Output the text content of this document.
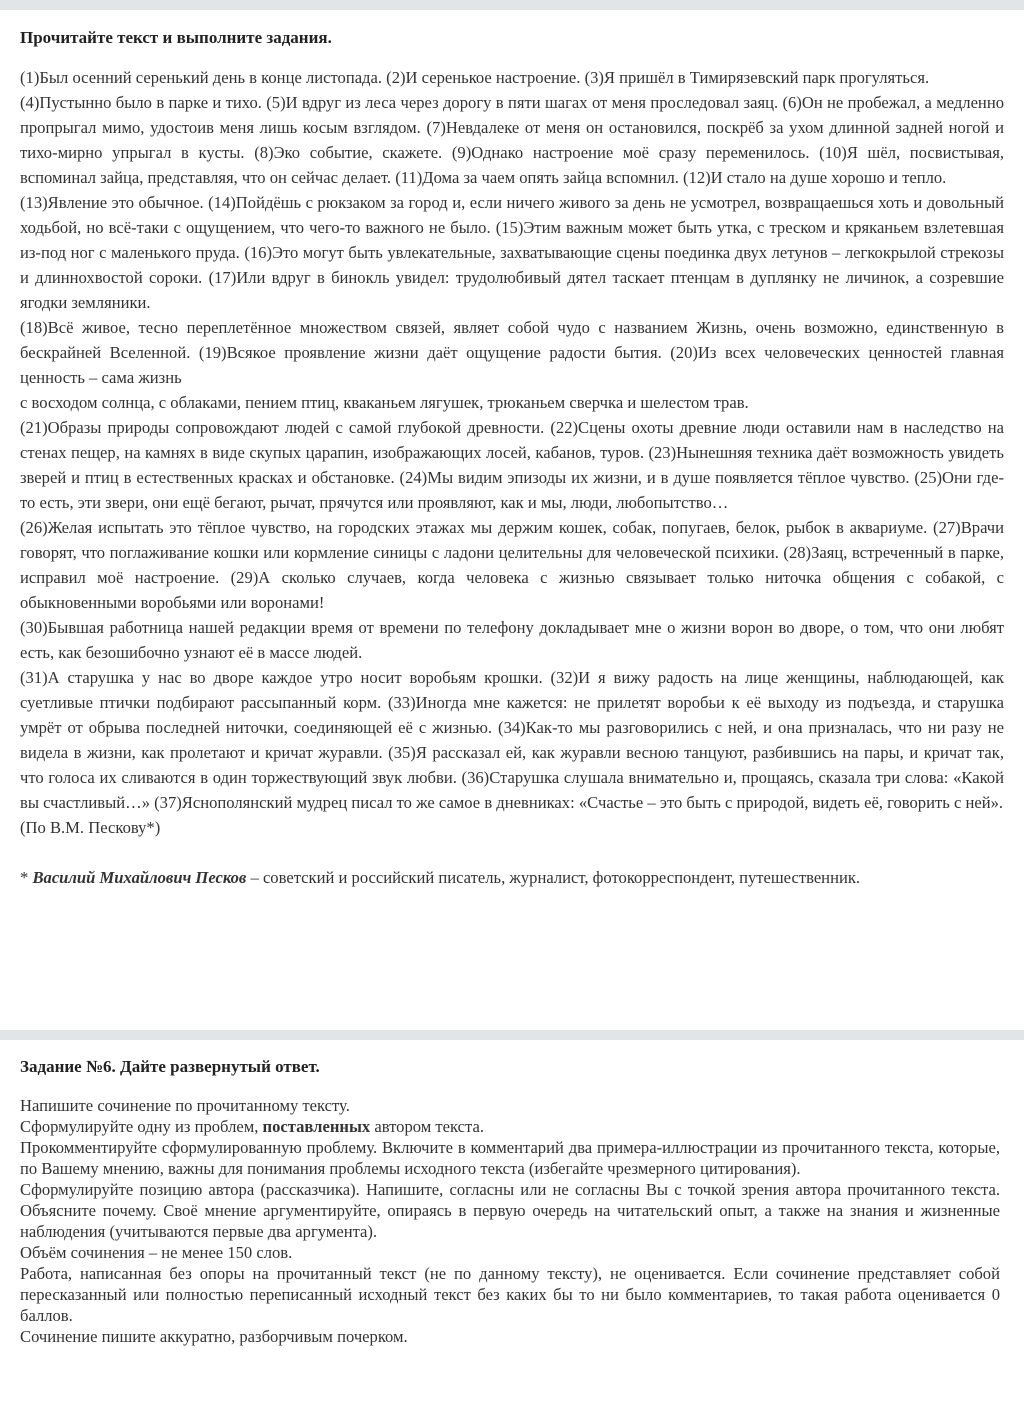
Прочитайте текст и выполните задания.

(1)Был осенний серенький день в конце листопада. (2)И серенькое настроение. (3)Я пришёл в Тимирязевский парк прогуляться.

(4)Пустынно было в парке и тихо. (5)И вдруг из леса через дорогу в пяти шагах от меня проследовал заяц. (6)Он не пробежал, а медленно пропрыгал мимо, удостоив меня лишь косым взглядом. (7)Невдалеке от меня он остановился, поскрёб за ухом длинной задней ногой и тихо-мирно упрыгал в кусты. (8)Эко событие, скажете. (9)Однако настроение моё сразу переменилось. (10)Я шёл, посвистывая, вспоминал зайца, представляя, что он сейчас делает. (11)Дома за чаем опять зайца вспомнил. (12)И стало на душе хорошо и тепло.

(13)Явление это обычное. (14)Пойдёшь с рюкзаком за город и, если ничего живого за день не усмотрел, возвращаешься хоть и довольный ходьбой, но всё-таки с ощущением, что чего-то важного не было. (15)Этим важным может быть утка, с треском и кряканьем взлетевшая из-под ног с маленького пруда. (16)Это могут быть увлекательные, захватывающие сцены поединка двух летунов – легкокрылой стрекозы и длиннохвостой сороки. (17)Или вдруг в бинокль увидел: трудолюбивый дятел таскает птенцам в дуплянку не личинок, а созревшие ягодки земляники.

(18)Всё живое, тесно переплетённое множеством связей, являет собой чудо с названием Жизнь, очень возможно, единственную в бескрайней Вселенной. (19)Всякое проявление жизни даёт ощущение радости бытия. (20)Из всех человеческих ценностей главная ценность – сама жизнь

с восходом солнца, с облаками, пением птиц, кваканьем лягушек, трюканьем сверчка и шелестом трав.

(21)Образы природы сопровождают людей с самой глубокой древности. (22)Сцены охоты древние люди оставили нам в наследство на стенах пещер, на камнях в виде скупых царапин, изображающих лосей, кабанов, туров. (23)Нынешняя техника даёт возможность увидеть зверей и птиц в естественных красках и обстановке. (24)Мы видим эпизоды их жизни, и в душе появляется тёплое чувство. (25)Они где-то есть, эти звери, они ещё бегают, рычат, прячутся или проявляют, как и мы, люди, любопытство…

(26)Желая испытать это тёплое чувство, на городских этажах мы держим кошек, собак, попугаев, белок, рыбок в аквариуме. (27)Врачи говорят, что поглаживание кошки или кормление синицы с ладони целительны для человеческой психики. (28)Заяц, встреченный в парке, исправил моё настроение. (29)А сколько случаев, когда человека с жизнью связывает только ниточка общения с собакой, с обыкновенными воробьями или воронами!

(30)Бывшая работница нашей редакции время от времени по телефону докладывает мне о жизни ворон во дворе, о том, что они любят есть, как безошибочно узнают её в массе людей.

(31)А старушка у нас во дворе каждое утро носит воробьям крошки. (32)И я вижу радость на лице женщины, наблюдающей, как суетливые птички подбирают рассыпанный корм. (33)Иногда мне кажется: не прилетят воробьи к её выходу из подъезда, и старушка умрёт от обрыва последней ниточки, соединяющей её с жизнью. (34)Как-то мы разговорились с ней, и она призналась, что ни разу не видела в жизни, как пролетают и кричат журавли. (35)Я рассказал ей, как журавли весною танцуют, разбившись на пары, и кричат так, что голоса их сливаются в один торжествующий звук любви. (36)Старушка слушала внимательно и, прощаясь, сказала три слова: «Какой вы счастливый…» (37)Яснополянский мудрец писал то же самое в дневниках: «Счастье – это быть с природой, видеть её, говорить с ней».

(По В.М. Пескову*)

* Василий Михайлович Песков – советский и российский писатель, журналист, фотокорреспондент, путешественник.

Задание №6. Дайте развернутый ответ.

Напишите сочинение по прочитанному тексту.

Сформулируйте одну из проблем, поставленных автором текста.

Прокомментируйте сформулированную проблему. Включите в комментарий два примера-иллюстрации из прочитанного текста, которые, по Вашему мнению, важны для понимания проблемы исходного текста (избегайте чрезмерного цитирования).

Сформулируйте позицию автора (рассказчика). Напишите, согласны или не согласны Вы с точкой зрения автора прочитанного текста. Объясните почему. Своё мнение аргументируйте, опираясь в первую очередь на читательский опыт, а также на знания и жизненные наблюдения (учитываются первые два аргумента).

Объём сочинения – не менее 150 слов.

Работа, написанная без опоры на прочитанный текст (не по данному тексту), не оценивается. Если сочинение представляет собой пересказанный или полностью переписанный исходный текст без каких бы то ни было комментариев, то такая работа оценивается 0 баллов.

Сочинение пишите аккуратно, разборчивым почерком.
